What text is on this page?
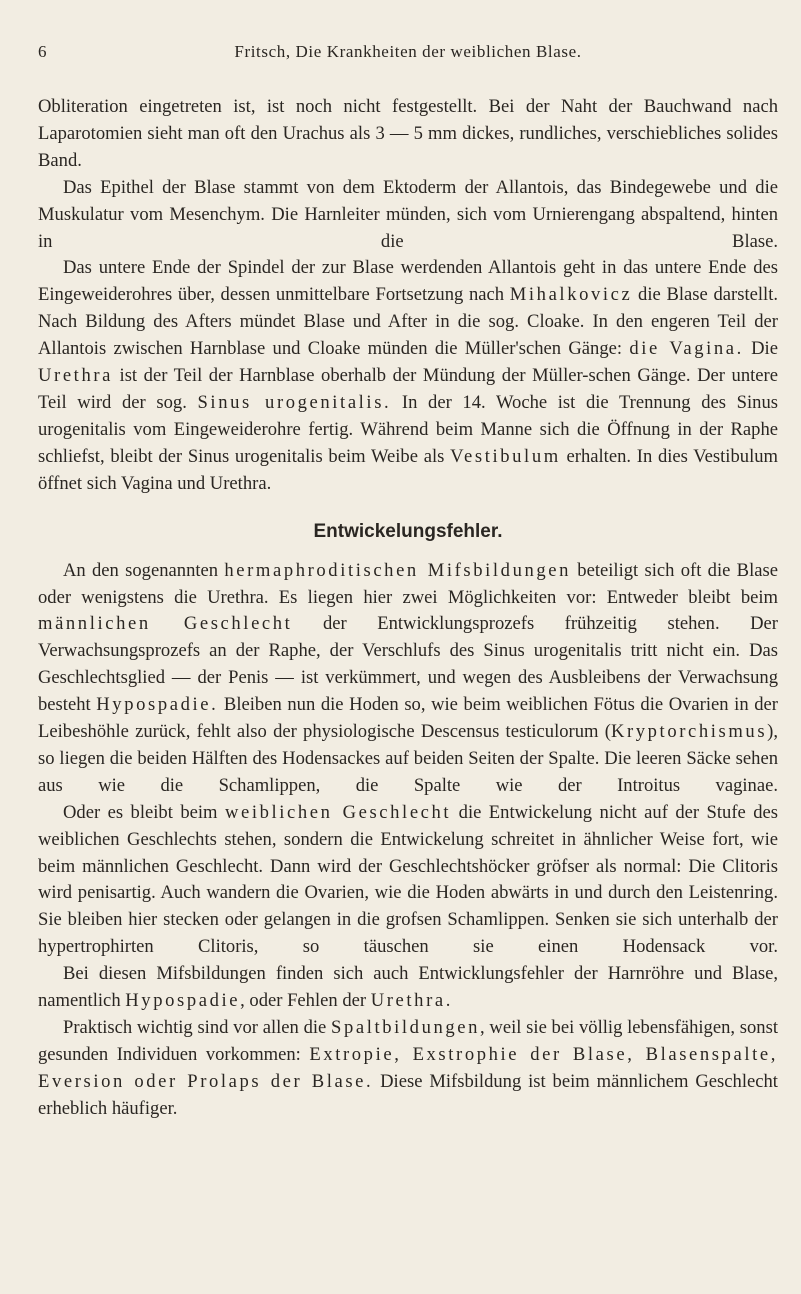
6	Fritsch, Die Krankheiten der weiblichen Blase.

Obliteration eingetreten ist, ist noch nicht festgestellt. Bei der Naht der Bauchwand nach Laparotomien sieht man oft den Urachus als 3 — 5 mm dickes, rundliches, verschiebliches solides Band.

Das Epithel der Blase stammt von dem Ektoderm der Allantois, das Bindegewebe und die Muskulatur vom Mesenchym. Die Harnleiter münden, sich vom Urnierengang abspaltend, hinten in die Blase.

Das untere Ende der Spindel der zur Blase werdenden Allantois geht in das untere Ende des Eingeweiderohres über, dessen unmittelbare Fortsetzung nach Mihalkovicz die Blase darstellt. Nach Bildung des Afters mündet Blase und After in die sog. Cloake. In den engeren Teil der Allantois zwischen Harnblase und Cloake münden die Müller'schen Gänge: die Vagina. Die Urethra ist der Teil der Harnblase oberhalb der Mündung der Müller-schen Gänge. Der untere Teil wird der sog. Sinus urogenitalis. In der 14. Woche ist die Trennung des Sinus urogenitalis vom Eingeweiderohre fertig. Während beim Manne sich die Öffnung in der Raphe schliefst, bleibt der Sinus urogenitalis beim Weibe als Vestibulum erhalten. In dies Vestibulum öffnet sich Vagina und Urethra.

Entwickelungsfehler.

An den sogenannten hermaphroditischen Mifsbildungen beteiligt sich oft die Blase oder wenigstens die Urethra. Es liegen hier zwei Möglichkeiten vor: Entweder bleibt beim männlichen Geschlecht der Entwicklungsprozefs frühzeitig stehen. Der Verwachsungsprozefs an der Raphe, der Verschlufs des Sinus urogenitalis tritt nicht ein. Das Geschlechtsglied — der Penis — ist verkümmert, und wegen des Ausbleibens der Verwachsung besteht Hypospadie. Bleiben nun die Hoden so, wie beim weiblichen Fötus die Ovarien in der Leibeshöhle zurück, fehlt also der physiologische Descensus testiculorum (Kryptorchismus), so liegen die beiden Hälften des Hodensackes auf beiden Seiten der Spalte. Die leeren Säcke sehen aus wie die Schamlippen, die Spalte wie der Introitus vaginae.

Oder es bleibt beim weiblichen Geschlecht die Entwickelung nicht auf der Stufe des weiblichen Geschlechts stehen, sondern die Entwickelung schreitet in ähnlicher Weise fort, wie beim männlichen Geschlecht. Dann wird der Geschlechtshöcker gröfser als normal: Die Clitoris wird penisartig. Auch wandern die Ovarien, wie die Hoden abwärts in und durch den Leistenring. Sie bleiben hier stecken oder gelangen in die grofsen Schamlippen. Senken sie sich unterhalb der hypertrophirten Clitoris, so täuschen sie einen Hodensack vor.

Bei diesen Mifsbildungen finden sich auch Entwicklungsfehler der Harnröhre und Blase, namentlich Hypospadie, oder Fehlen der Urethra.

Praktisch wichtig sind vor allen die Spaltbildungen, weil sie bei völlig lebensfähigen, sonst gesunden Individuen vorkommen: Extropie, Exstrophie der Blase, Blasenspalte, Eversion oder Prolaps der Blase. Diese Mifsbildung ist beim männlichem Geschlecht erheblich häufiger.
